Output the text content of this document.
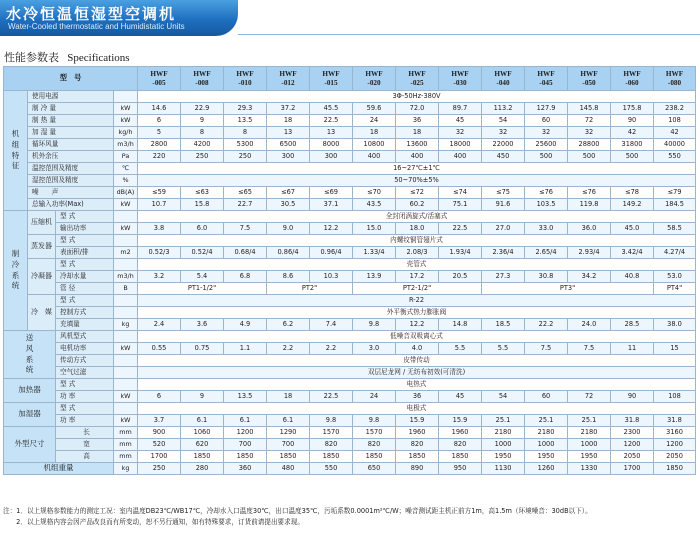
水冷恒温恒湿型空调机
Water-Cooled thermostatic and Humidistatic Units
性能参数表 Specifications
型　号				HWF
-005	HWF
-008	HWF
-010	HWF
-012	HWF
-015	HWF
-020	HWF
-025	HWF
-030	HWF
-040	HWF
-045	HWF
-050	HWF
-060	HWF
-080
机
组
特
征	使用电源			3Φ-50Hz-380V												
	制 冷 量		kW	14.6	22.9	29.3	37.2	45.5	59.6	72.0	89.7	113.2	127.9	145.8	175.8	238.2
	制 热 量		kW	6	9	13.5	18	22.5	24	36	45	54	60	72	90	108
	加 湿 量		kg/h	5	8	8	13	13	18	18	32	32	32	32	42	42
	循环风量		m3/h	2800	4200	5300	6500	8000	10800	13600	18000	22000	25600	28800	31800	40000
	机外余压		Pa	220	250	250	300	300	400	400	400	450	500	500	500	550
	温控范围及精度		℃	16~27℃±1℃												
	湿控范围及精度		%	50~70%±5%												
	噪　　声		dB(A)	≤59	≤63	≤65	≤67	≤69	≤70	≤72	≤74	≤75	≤76	≤76	≤78	≤79
	总输入功率(Max)		kW	10.7	15.8	22.7	30.5	37.1	43.5	60.2	75.1	91.6	103.5	119.8	149.2	184.5
制
冷
系
统	压缩机	型 式		全封闭涡旋式/活塞式												
		输出功率	kW	3.8	6.0	7.5	9.0	12.2	15.0	18.0	22.5	27.0	33.0	36.0	45.0	58.5
	蒸发器	型 式		内螺纹铜管翅片式												
		表面积/排	m2	0.52/3	0.52/4	0.68/4	0.86/4	0.96/4	1.33/4	2.08/3	1.93/4	2.36/4	2.65/4	2.93/4	3.42/4	4.27/4
	冷凝器	型 式		壳管式												
		冷却水量	m3/h	3.2	5.4	6.8	8.6	10.3	13.9	17.2	20.5	27.3	30.8	34.2	40.8	53.0
		管 径	B	PT1-1/2"			PT2"		PT2-1/2"			PT3"				PT4"
	冷　媒	型 式		R-22												
		控制方式		外平衡式热力膨胀阀												
		充填量	kg	2.4	3.6	4.9	6.2	7.4	9.8	12.2	14.8	18.5	22.2	24.0	28.5	38.0
送
风
系
统		风机型式		低噪音双吸离心式												
		电机功率	kW	0.55	0.75	1.1	2.2	2.2	3.0	4.0	5.5	5.5	7.5	7.5	11	15
		传动方式		皮带传动												
		空气过滤		双层尼龙网 / 无纺布初效(可清洗)												
加热器		型 式		电热式												
		功 率	kW	6	9	13.5	18	22.5	24	36	45	54	60	72	90	108
加湿器		型 式		电极式												
		功 率	kW	3.7	6.1	6.1	6.1	9.8	9.8	15.9	15.9	25.1	25.1	25.1	31.8	31.8
外型尺寸		长	mm	900	1060	1200	1290	1570	1570	1960	1960	2180	2180	2180	2300	3160
		宽	mm	520	620	700	700	820	820	820	820	1000	1000	1000	1200	1200
		高	mm	1700	1850	1850	1850	1850	1850	1850	1850	1950	1950	1950	2050	2050
机组重量			kg	250	280	360	480	550	650	890	950	1130	1260	1330	1700	1850
注：1．以上规格参数能力的测定工况：室内温度DB23℃/WB17℃，冷却水入口温度30℃，出口温度35℃，污垢系数0.0001m²℃/W；噪音测试距主机正前方1m，高1.5m（环境噪音：30dB以下）。
　　2．以上规格内容会因产品改良而有所变动，恕不另行通知，如有特殊要求，订货前请提出要求现。
